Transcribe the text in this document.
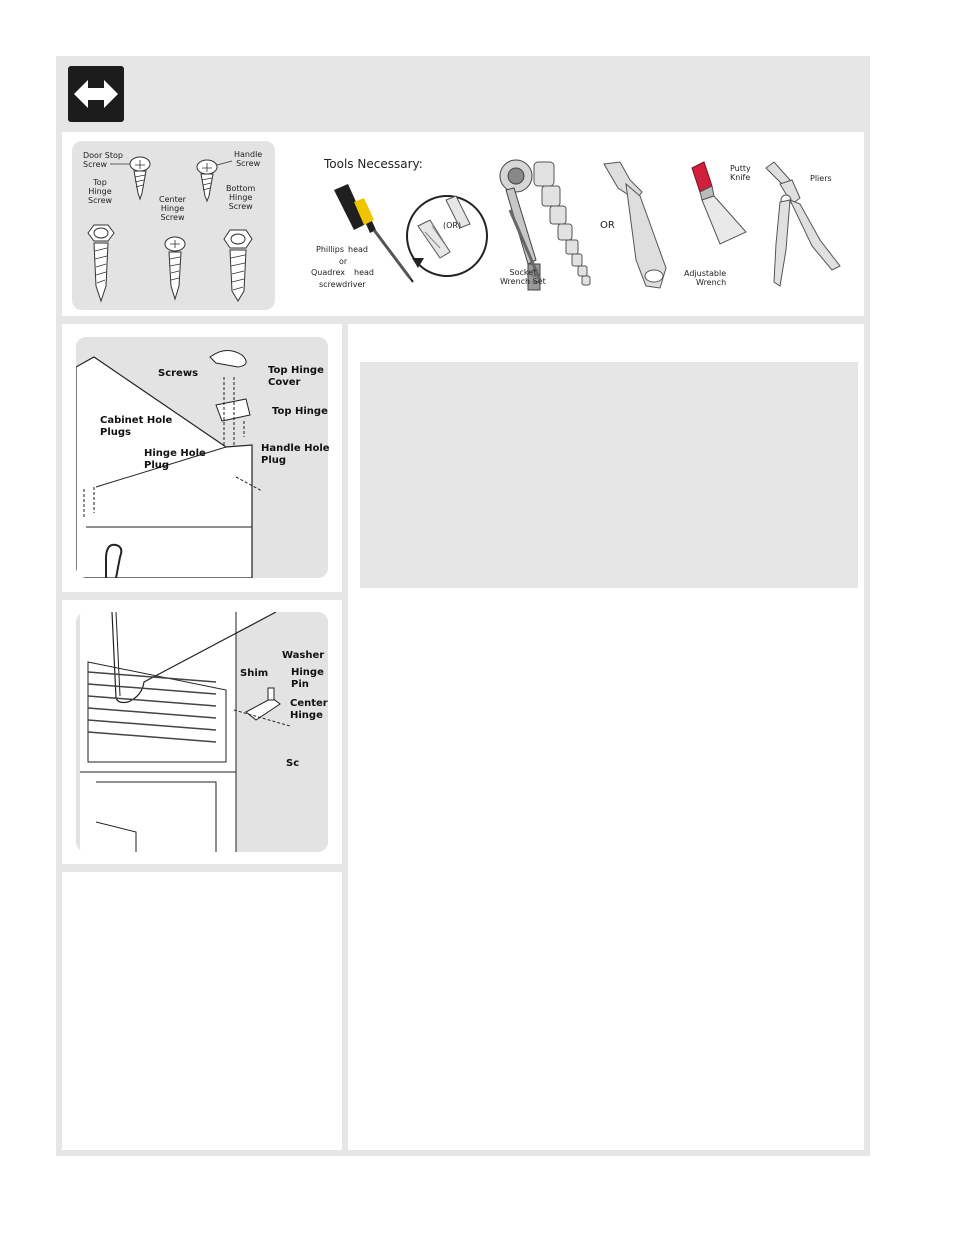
Door Stop
Screw
Handle
Screw
Top
Hinge
Screw	Center
Hinge
Screw
Bottom
Hinge
Screw
Tools Necessary:
Phillips head
or
Quadrex head
screwdriver
(OR)
Socket
Wrench Set
OR
Adjustable
Wrench
Putty
Knife	Pliers
Screws	Top Hinge
Cover
Top Hinge
Cabinet Hole
Plugs
Hinge Hole
Plug
Handle Hole
Plug
Washer
Shim Hinge
Pin
Center
Hinge
Sc
